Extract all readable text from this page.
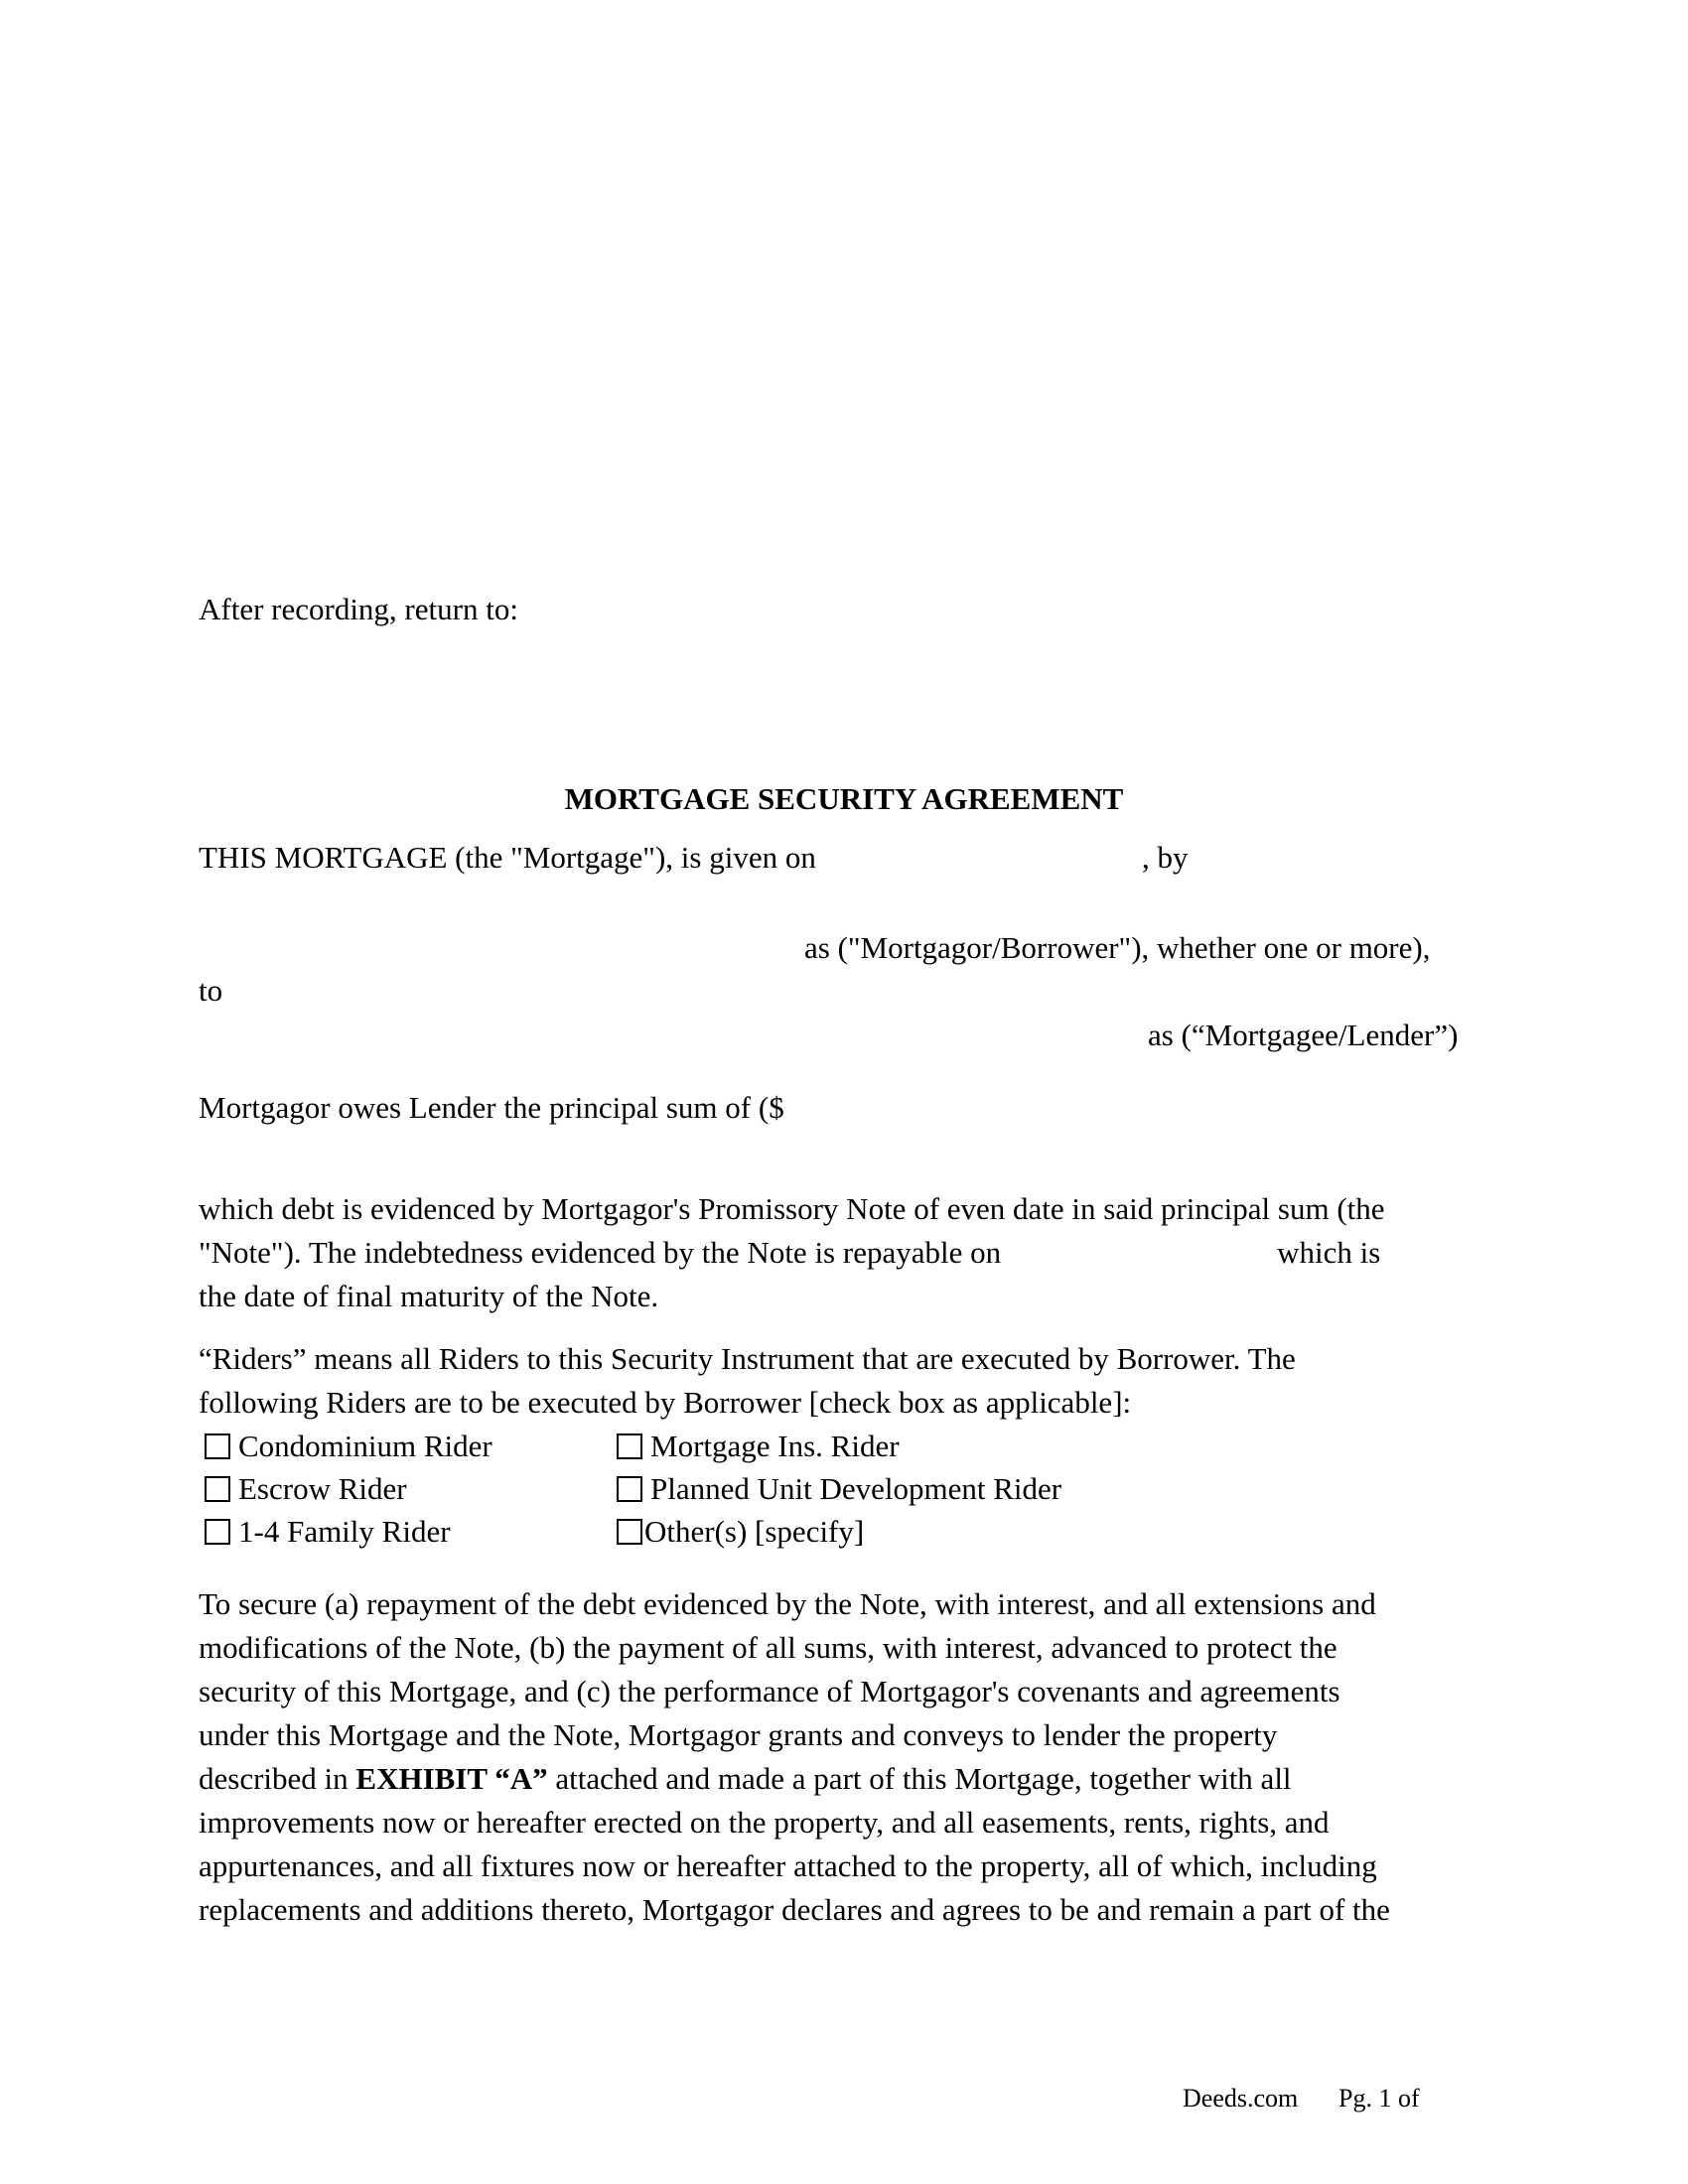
After recording, return to:
MORTGAGE SECURITY AGREEMENT
THIS MORTGAGE (the "Mortgage"), is given on	, by
as ("Mortgagor/Borrower"), whether one or more),
to
as (“Mortgagee/Lender”)
Mortgagor owes Lender the principal sum of ($
which debt is evidenced by Mortgagor's Promissory Note of even date in said principal sum (the
"Note"). The indebtedness evidenced by the Note is repayable on	which is
the date of final maturity of the Note.
“Riders” means all Riders to this Security Instrument that are executed by Borrower. The
following Riders are to be executed by Borrower [check box as applicable]:
Condominium Rider
Escrow Rider
1-4 Family Rider
Mortgage Ins. Rider
Planned Unit Development Rider
Other(s) [specify]
To secure (a) repayment of the debt evidenced by the Note, with interest, and all extensions and
modifications of the Note, (b) the payment of all sums, with interest, advanced to protect the
security of this Mortgage, and (c) the performance of Mortgagor's covenants and agreements
under this Mortgage and the Note, Mortgagor grants and conveys to lender the property
described in EXHIBIT “A” attached and made a part of this Mortgage, together with all
improvements now or hereafter erected on the property, and all easements, rents, rights, and
appurtenances, and all fixtures now or hereafter attached to the property, all of which, including
replacements and additions thereto, Mortgagor declares and agrees to be and remain a part of the
Deeds.com Pg. 1 of
